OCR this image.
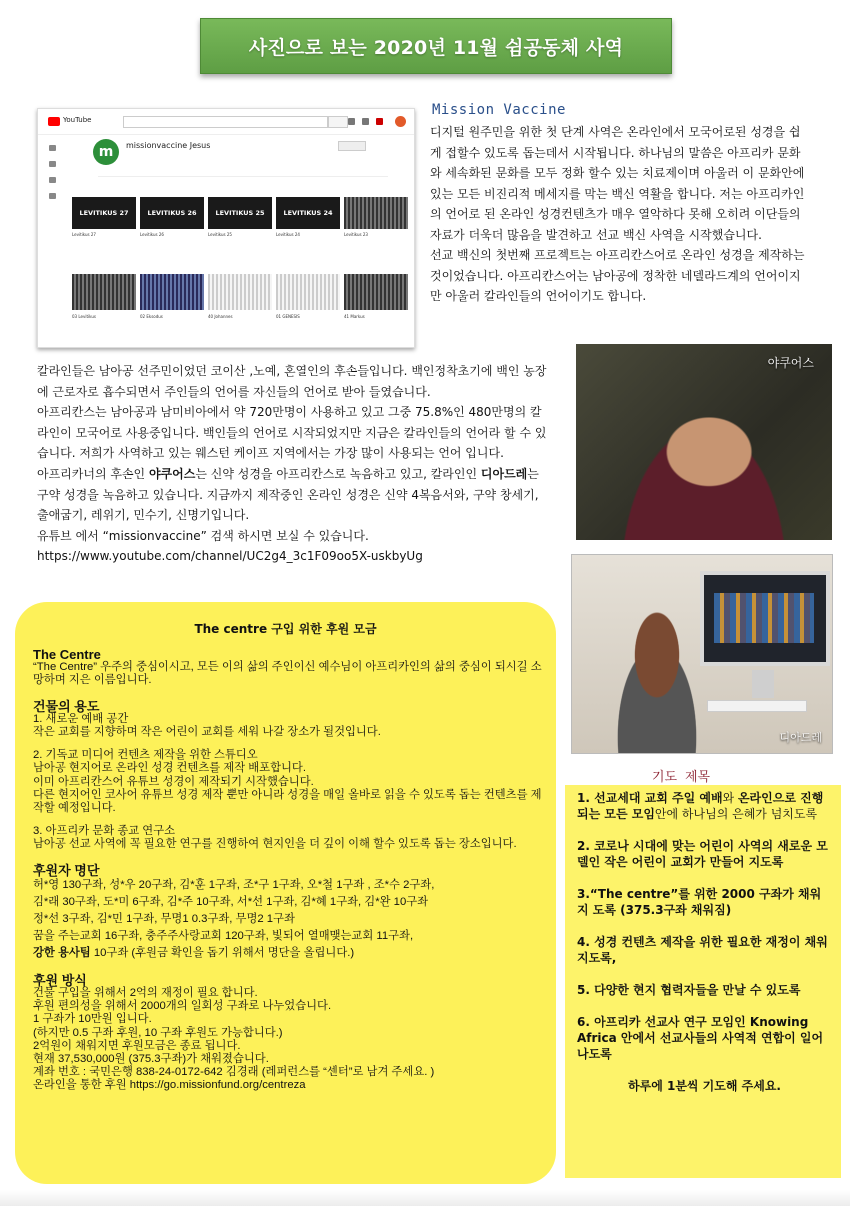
사진으로 보는 2020년 11월 쉼공동체 사역
YouTube
m	missionvaccine Jesus
LEVITIKUS 27	LEVITIKUS 26	LEVITIKUS 25	LEVITIKUS 24
Levitikus 27	Levitikus 26	Levitikus 25	Levitikus 24	Levitikus 23
03 Levitikus	02 Eksodus	40 Johannes	01 GENESIS	41 Markus
Mission Vaccine

디지털 원주민을 위한 첫 단계 사역은 온라인에서 모국어로된 성경을 쉽게 접할수 있도록 돕는데서 시작됩니다. 하나님의 말씀은 아프리카 문화와 세속화된 문화를 모두 정화 할수 있는 치료제이며 아울러 이 문화안에 있는 모든 비진리적 메세지를 막는 백신 역활을 합니다. 저는 아프리카인의 언어로 된 온라인 성경컨텐츠가 매우 열악하다 못해 오히려 이단들의 자료가 더욱더 많음을 발견하고 선교 백신 사역을 시작했습니다.

선교 백신의 첫번째 프로젝트는 아프리칸스어로 온라인 성경을 제작하는 것이었습니다. 아프리칸스어는 남아공에 정착한 네델라드계의 언어이지만 아울러 칼라인들의 언어이기도 합니다.

칼라인들은 남아공 선주민이었던 코이산 ,노예, 혼열인의 후손들입니다. 백인정착초기에 백인 농장에 근로자로 흡수되면서 주인들의 언어를 자신들의 언어로 받아 들였습니다.

아프리칸스는 남아공과 남미비아에서 약 720만명이 사용하고 있고 그중 75.8%인 480만명의 칼라인이 모국어로 사용중입니다. 백인들의 언어로 시작되었지만 지금은 칼라인들의 언어라 할 수 있습니다. 저희가 사역하고 있는 웨스턴 케이프 지역에서는 가장 많이 사용되는 언어 입니다.

아프리카너의 후손인 야쿠어스는 신약 성경을 아프리칸스로 녹음하고 있고, 칼라인인 디아드레는 구약 성경을 녹음하고 있습니다. 지금까지 제작중인 온라인 성경은 신약 4복음서와, 구약 창세기, 출애굽기, 레위기, 민수기, 신명기입니다.

유튜브 에서 “missionvaccine” 검색 하시면 보실 수 있습니다.

https://www.youtube.com/channel/UC2g4_3c1F09oo5X-uskbyUg

야쿠어스
디아드레
The centre 구입 위한 후원 모금
The Centre
“The Centre” 우주의 중심이시고, 모든 이의 삶의 주인이신 예수님이 아프리카인의 삶의 중심이 되시길 소망하며 지은 이름입니다.
건물의 용도
1. 새로운 예배 공간
작은 교회를 지향하며 작은 어린이 교회를 세워 나갈 장소가 될것입니다.
2. 기독교 미디어 컨텐츠 제작을 위한 스튜디오
남아공 현지어로 온라인 성경 컨텐츠를 제작 배포합니다.
이미 아프리칸스어 유튜브 성경이 제작되기 시작했습니다.
다른 현지어인 코사어 유튜브 성경 제작 뿐만 아니라 성경을 매일 올바로 읽을 수 있도록 돕는 컨텐츠를 제작할 예정입니다.
3. 아프리카 문화 종교 연구소
남아공 선교 사역에 꼭 필요한 연구를 진행하여 현지인을 더 깊이 이해 할수 있도록 돕는 장소입니다.
후원자 명단
허*영 130구좌, 성*우 20구좌, 김*훈 1구좌, 조*구 1구좌, 오*철 1구좌 , 조*수 2구좌,
김*래 30구좌, 도*미 6구좌, 김*주 10구좌, 서*선 1구좌, 김*혜 1구좌, 김*완 10구좌
정*선 3구좌, 김*민 1구좌, 무명1 0.3구좌, 무명2 1구좌
꿈을 주는교회 16구좌, 충주주사랑교회 120구좌, 빛되어 열매맺는교회 11구좌,
강한 용사팀 10구좌 (후원금 확인을 돕기 위해서 명단을 올립니다.)
후원 방식
건물 구입을 위해서 2억의 재정이 필요 합니다.
후원 편의성을 위해서 2000개의 일회성 구좌로 나누었습니다.
1 구좌가 10만원 입니다.
(하지만 0.5 구좌 후원, 10 구좌 후원도 가능합니다.)
2억원이 채워지면 후원모금은 종료 됩니다.
현재 37,530,000원 (375.3구좌)가 채워졌습니다.
계좌 번호 : 국민은행 838-24-0172-642 김경래 (레퍼런스를 “센터”로 남겨 주세요. )
온라인을 통한 후원 https://go.missionfund.org/centreza
기도 제목

1. 선교세대 교회 주일 예배와 온라인으로 진행 되는 모든 모임안에 하나님의 은혜가 넘치도록

2. 코로나 시대에 맞는 어린이 사역의 새로운 모델인 작은 어린이 교회가 만들어 지도록

3.“The centre”를 위한 2000 구좌가 채워지 도록 (375.3구좌 채워짐)

4. 성경 컨텐츠 제작을 위한 필요한 재정이 채워 지도록,

5. 다양한 현지 협력자들을 만날 수 있도록

6. 아프리카 선교사 연구 모임인 Knowing Africa 안에서 선교사들의 사역적 연합이 일어 나도록

하루에 1분씩 기도해 주세요.
